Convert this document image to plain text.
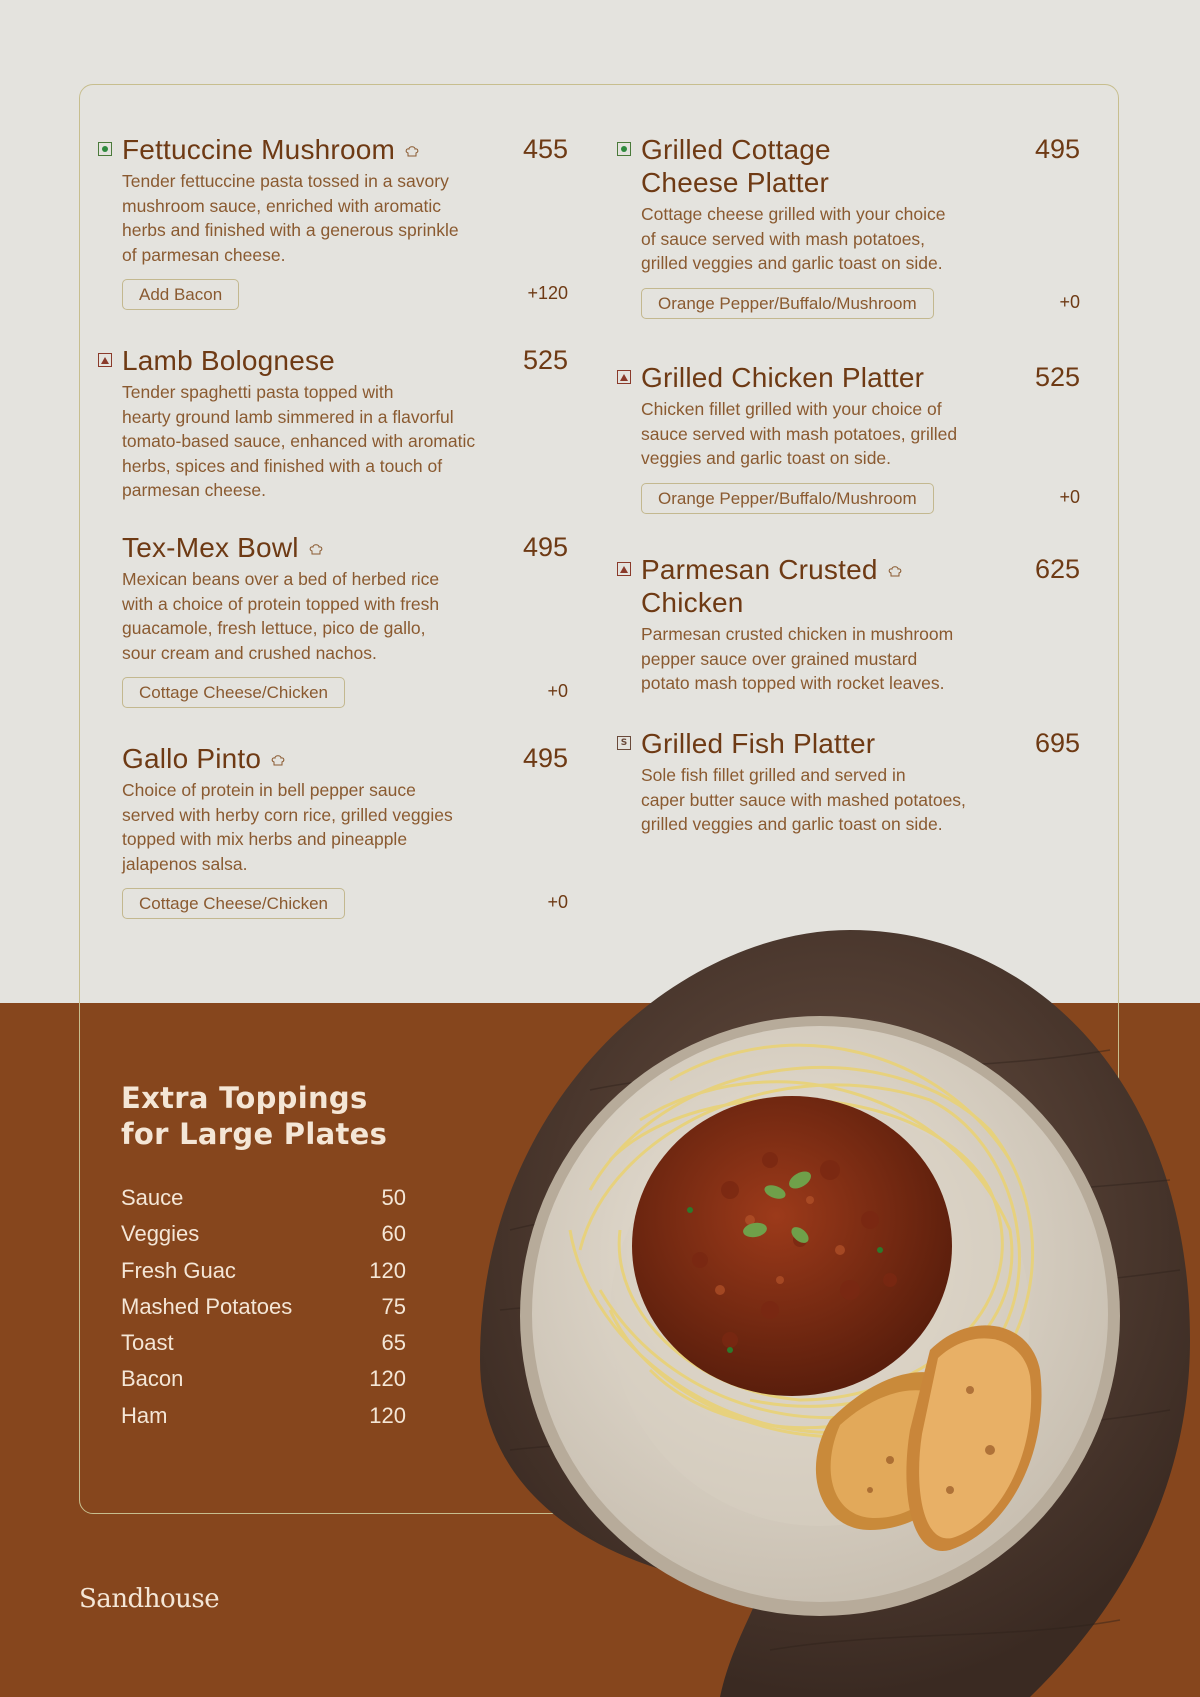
Fettuccine Mushroom	455
Tender fettuccine pasta tossed in a savory
mushroom sauce, enriched with aromatic
herbs and finished with a generous sprinkle
of parmesan cheese.
Add Bacon	+120
Lamb Bolognese	525
Tender spaghetti pasta topped with
hearty ground lamb simmered in a flavorful
tomato-based sauce, enhanced with aromatic
herbs, spices and finished with a touch of
parmesan cheese.
Tex-Mex Bowl	495
Mexican beans over a bed of herbed rice
with a choice of protein topped with fresh
guacamole, fresh lettuce, pico de gallo,
sour cream and crushed nachos.
Cottage Cheese/Chicken	+0
Gallo Pinto	495
Choice of protein in bell pepper sauce
served with herby corn rice, grilled veggies
topped with mix herbs and pineapple
jalapenos salsa.
Cottage Cheese/Chicken	+0
Grilled Cottage
Cheese Platter
495
Cottage cheese grilled with your choice
of sauce served with mash potatoes,
grilled veggies and garlic toast on side.
Orange Pepper/Buffalo/Mushroom	+0
Grilled Chicken Platter	525
Chicken fillet grilled with your choice of
sauce served with mash potatoes, grilled
veggies and garlic toast on side.
Orange Pepper/Buffalo/Mushroom	+0
Parmesan Crusted
Chicken
625
Parmesan crusted chicken in mushroom
pepper sauce over grained mustard
potato mash topped with rocket leaves.
S Grilled Fish Platter	695
Sole fish fillet grilled and served in
caper butter sauce with mashed potatoes,
grilled veggies and garlic toast on side.
Extra Toppings
for Large Plates
Sauce	50
Veggies	60
Fresh Guac	120
Mashed Potatoes	75
Toast	65
Bacon	120
Ham	120
Sandhouse
